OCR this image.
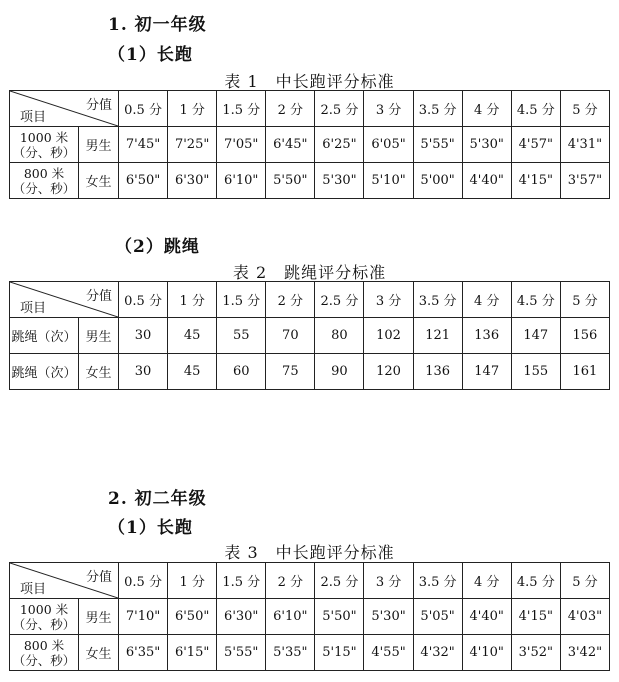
1. 初一年级
（1）长跑
表 1　中长跑评分标准
分值
项目		0.5 分	1 分	1.5 分	2 分	2.5 分	3 分	3.5 分	4 分	4.5 分	5 分

1000 米
（分、秒）	男生	7'45"	7'25"	7'05"	6'45"	6'25"	6'05"	5'55"	5'30"	4'57"	4'31"

800 米
（分、秒）	女生	6'50"	6'30"	6'10"	5'50"	5'30"	5'10"	5'00"	4'40"	4'15"	3'57"
（2）跳绳
表 2　跳绳评分标准
分值
项目		0.5 分	1 分	1.5 分	2 分	2.5 分	3 分	3.5 分	4 分	4.5 分	5 分
跳绳（次）	男生	30	45	55	70	80	102	121	136	147	156
跳绳（次）	女生	30	45	60	75	90	120	136	147	155	161
2. 初二年级
（1）长跑
表 3　中长跑评分标准
分值
项目		0.5 分	1 分	1.5 分	2 分	2.5 分	3 分	3.5 分	4 分	4.5 分	5 分

1000 米
（分、秒）	男生	7'10"	6'50"	6'30"	6'10"	5'50"	5'30"	5'05"	4'40"	4'15"	4'03"

800 米
（分、秒）	女生	6'35"	6'15"	5'55"	5'35"	5'15"	4'55"	4'32"	4'10"	3'52"	3'42"
